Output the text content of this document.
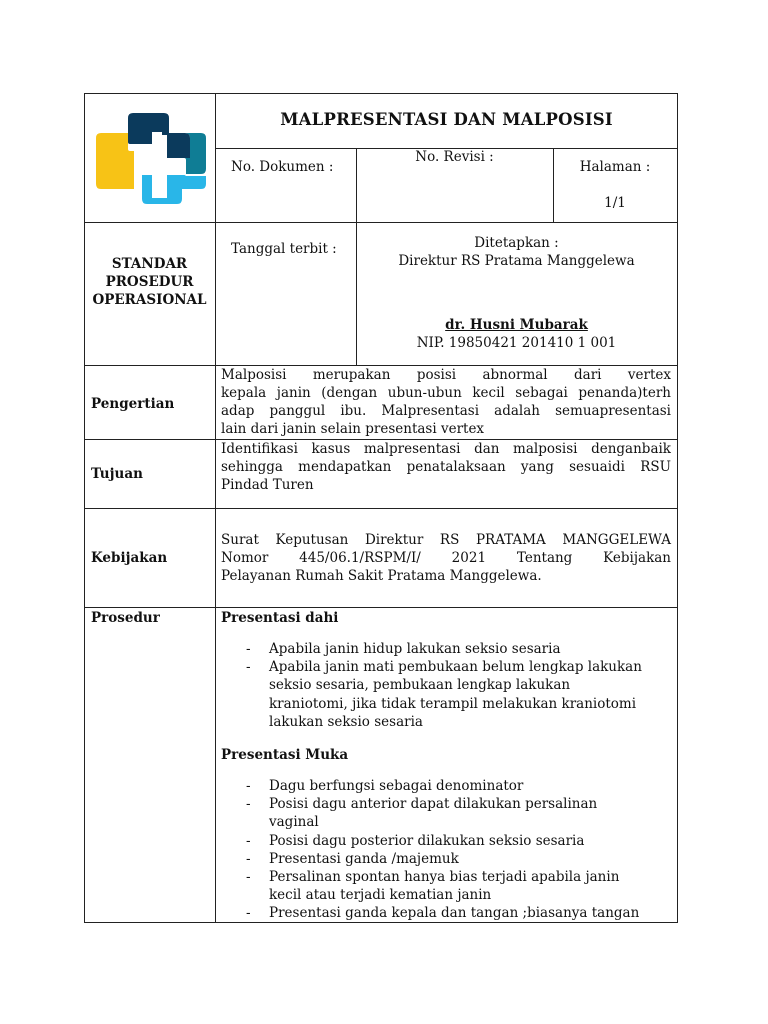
MALPRESENTASI DAN MALPOSISI
No. Dokumen :
No. Revisi :
Halaman :
1/1
STANDAR
PROSEDUR
OPERASIONAL
Tanggal terbit :	Ditetapkan :
Direktur RS Pratama Manggelewa
dr. Husni Mubarak
NIP. 19850421 201410 1 001
Pengertian
Malposisi merupakan posisi abnormal dari vertex
kepala janin (dengan ubun-ubun kecil sebagai penanda)terh
adap panggul ibu. Malpresentasi adalah semuapresentasi
lain dari janin selain presentasi vertex
Tujuan
Identifikasi kasus malpresentasi dan malposisi denganbaik
sehingga mendapatkan penatalaksaan yang sesuaidi RSU
Pindad Turen
Kebijakan
Surat Keputusan Direktur RS PRATAMA MANGGELEWA
Nomor 445/06.1/RSPM/I/ 2021 Tentang Kebijakan
Pelayanan Rumah Sakit Pratama Manggelewa.
Prosedur	Presentasi dahi
- Apabila janin hidup lakukan seksio sesaria
- Apabila janin mati pembukaan belum lengkap lakukan seksio sesaria, pembukaan lengkap lakukan kraniotomi, jika tidak terampil melakukan kraniotomi lakukan seksio sesaria
Presentasi Muka
- Dagu berfungsi sebagai denominator
- Posisi dagu anterior dapat dilakukan persalinan vaginal
- Posisi dagu posterior dilakukan seksio sesaria
- Presentasi ganda /majemuk
- Persalinan spontan hanya bias terjadi apabila janin kecil atau terjadi kematian janin
- Presentasi ganda kepala dan tangan ;biasanya tangan
